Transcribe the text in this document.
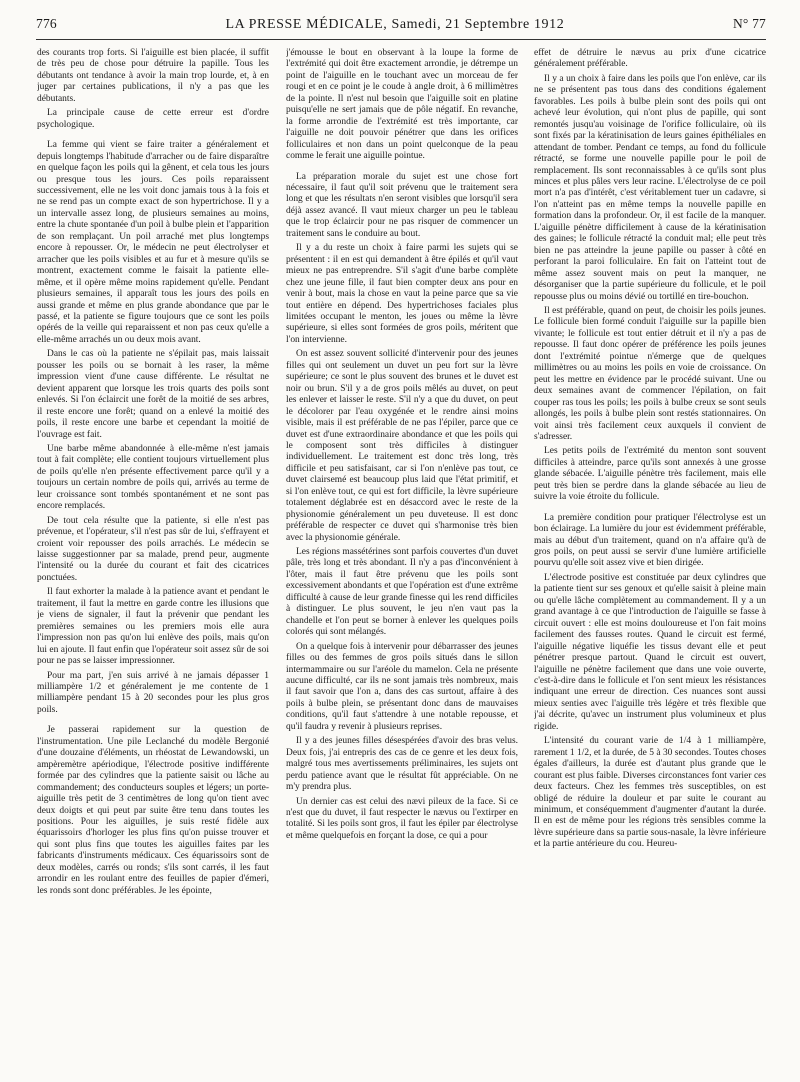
776	LA PRESSE MÉDICALE, Samedi, 21 Septembre 1912	N° 77

des courants trop forts. Si l'aiguille est bien placée, il suffit de très peu de chose pour détruire la papille. Tous les débutants ont tendance à avoir la main trop lourde, et, à en juger par certaines publications, il n'y a pas que les débutants.

La principale cause de cette erreur est d'ordre psychologique.

La femme qui vient se faire traiter a généralement et depuis longtemps l'habitude d'arracher ou de faire disparaître en quelque façon les poils qui la gênent, et cela tous les jours ou presque tous les jours. Ces poils reparaissent successivement, elle ne les voit donc jamais tous à la fois et ne se rend pas un compte exact de son hypertrichose. Il y a un intervalle assez long, de plusieurs semaines au moins, entre la chute spontanée d'un poil à bulbe plein et l'apparition de son remplaçant. Un poil arraché met plus longtemps encore à repousser. Or, le médecin ne peut électrolyser et arracher que les poils visibles et au fur et à mesure qu'ils se montrent, exactement comme le faisait la patiente elle-même, et il opère même moins rapidement qu'elle. Pendant plusieurs semaines, il apparaît tous les jours des poils en aussi grande et même en plus grande abondance que par le passé, et la patiente se figure toujours que ce sont les poils opérés de la veille qui reparaissent et non pas ceux qu'elle a elle-même arrachés un ou deux mois avant.

Dans le cas où la patiente ne s'épilait pas, mais laissait pousser les poils ou se bornait à les raser, la même impression vient d'une cause différente. Le résultat ne devient apparent que lorsque les trois quarts des poils sont enlevés. Si l'on éclaircit une forêt de la moitié de ses arbres, il reste encore une forêt; quand on a enlevé la moitié des poils, il reste encore une barbe et cependant la moitié de l'ouvrage est fait.

Une barbe même abandonnée à elle-même n'est jamais tout à fait complète; elle contient toujours virtuellement plus de poils qu'elle n'en présente effectivement parce qu'il y a toujours un certain nombre de poils qui, arrivés au terme de leur croissance sont tombés spontanément et ne sont pas encore remplacés.

De tout cela résulte que la patiente, si elle n'est pas prévenue, et l'opérateur, s'il n'est pas sûr de lui, s'effrayent et croient voir repousser des poils arrachés. Le médecin se laisse suggestionner par sa malade, prend peur, augmente l'intensité ou la durée du courant et fait des cicatrices ponctuées.

Il faut exhorter la malade à la patience avant et pendant le traitement, il faut la mettre en garde contre les illusions que je viens de signaler, il faut la prévenir que pendant les premières semaines ou les premiers mois elle aura l'impression non pas qu'on lui enlève des poils, mais qu'on lui en ajoute. Il faut enfin que l'opérateur soit assez sûr de soi pour ne pas se laisser impressionner.

Pour ma part, j'en suis arrivé à ne jamais dépasser 1 milliampère 1/2 et généralement je me contente de 1 milliampère pendant 15 à 20 secondes pour les plus gros poils.

Je passerai rapidement sur la question de l'instrumentation. Une pile Leclanché du modèle Bergonié d'une douzaine d'éléments, un rhéostat de Lewandowski, un ampèremètre apériodique, l'électrode positive indifférente formée par des cylindres que la patiente saisit ou lâche au commandement; des conducteurs souples et légers; un porte-aiguille très petit de 3 centimètres de long qu'on tient avec deux doigts et qui peut par suite être tenu dans toutes les positions. Pour les aiguilles, je suis resté fidèle aux équarissoirs d'horloger les plus fins qu'on puisse trouver et qui sont plus fins que toutes les aiguilles faites par les fabricants d'instruments médicaux. Ces équarissoirs sont de deux modèles, carrés ou ronds; s'ils sont carrés, il les faut arrondir en les roulant entre des feuilles de papier d'émeri, les ronds sont donc préférables. Je les épointe,

j'émousse le bout en observant à la loupe la forme de l'extrémité qui doit être exactement arrondie, je détrempe un point de l'aiguille en le touchant avec un morceau de fer rougi et en ce point je le coude à angle droit, à 6 millimètres de la pointe. Il n'est nul besoin que l'aiguille soit en platine puisqu'elle ne sert jamais que de pôle négatif. En revanche, la forme arrondie de l'extrémité est très importante, car l'aiguille ne doit pouvoir pénétrer que dans les orifices folliculaires et non dans un point quelconque de la peau comme le ferait une aiguille pointue.

La préparation morale du sujet est une chose fort nécessaire, il faut qu'il soit prévenu que le traitement sera long et que les résultats n'en seront visibles que lorsqu'il sera déjà assez avancé. Il vaut mieux charger un peu le tableau que le trop éclaircir pour ne pas risquer de commencer un traitement sans le conduire au bout.

Il y a du reste un choix à faire parmi les sujets qui se présentent : il en est qui demandent à être épilés et qu'il vaut mieux ne pas entreprendre. S'il s'agit d'une barbe complète chez une jeune fille, il faut bien compter deux ans pour en venir à bout, mais la chose en vaut la peine parce que sa vie tout entière en dépend. Des hypertrichoses faciales plus limitées occupant le menton, les joues ou même la lèvre supérieure, si elles sont formées de gros poils, méritent que l'on intervienne.

On est assez souvent sollicité d'intervenir pour des jeunes filles qui ont seulement un duvet un peu fort sur la lèvre supérieure; ce sont le plus souvent des brunes et le duvet est noir ou brun. S'il y a de gros poils mêlés au duvet, on peut les enlever et laisser le reste. S'il n'y a que du duvet, on peut le décolorer par l'eau oxygénée et le rendre ainsi moins visible, mais il est préférable de ne pas l'épiler, parce que ce duvet est d'une extraordinaire abondance et que les poils qui le composent sont très difficiles à distinguer individuellement. Le traitement est donc très long, très difficile et peu satisfaisant, car si l'on n'enlève pas tout, ce duvet clairsemé est beaucoup plus laid que l'état primitif, et si l'on enlève tout, ce qui est fort difficile, la lèvre supérieure totalement déglabrée est en désaccord avec le reste de la physionomie généralement un peu duveteuse. Il est donc préférable de respecter ce duvet qui s'harmonise très bien avec la physionomie générale.

Les régions massétérines sont parfois couvertes d'un duvet pâle, très long et très abondant. Il n'y a pas d'inconvénient à l'ôter, mais il faut être prévenu que les poils sont excessivement abondants et que l'opération est d'une extrême difficulté à cause de leur grande finesse qui les rend difficiles à distinguer. Le plus souvent, le jeu n'en vaut pas la chandelle et l'on peut se borner à enlever les quelques poils colorés qui sont mélangés.

On a quelque fois à intervenir pour débarrasser des jeunes filles ou des femmes de gros poils situés dans le sillon intermammaire ou sur l'aréole du mamelon. Cela ne présente aucune difficulté, car ils ne sont jamais très nombreux, mais il faut savoir que l'on a, dans des cas surtout, affaire à des poils à bulbe plein, se présentant donc dans de mauvaises conditions, qu'il faut s'attendre à une notable repousse, et qu'il faudra y revenir à plusieurs reprises.

Il y a des jeunes filles désespérées d'avoir des bras velus. Deux fois, j'ai entrepris des cas de ce genre et les deux fois, malgré tous mes avertissements préliminaires, les sujets ont perdu patience avant que le résultat fût appréciable. On ne m'y prendra plus.

Un dernier cas est celui des nævi pileux de la face. Si ce n'est que du duvet, il faut respecter le nævus ou l'extirper en totalité. Si les poils sont gros, il faut les épiler par électrolyse et même quelquefois en forçant la dose, ce qui a pour

effet de détruire le nævus au prix d'une cicatrice généralement préférable.

Il y a un choix à faire dans les poils que l'on enlève, car ils ne se présentent pas tous dans des conditions également favorables. Les poils à bulbe plein sont des poils qui ont achevé leur évolution, qui n'ont plus de papille, qui sont remontés jusqu'au voisinage de l'orifice folliculaire, où ils sont fixés par la kératinisation de leurs gaines épithéliales en attendant de tomber. Pendant ce temps, au fond du follicule rétracté, se forme une nouvelle papille pour le poil de remplacement. Ils sont reconnaissables à ce qu'ils sont plus minces et plus pâles vers leur racine. L'électrolyse de ce poil mort n'a pas d'intérêt, c'est véritablement tuer un cadavre, si l'on n'atteint pas en même temps la nouvelle papille en formation dans la profondeur. Or, il est facile de la manquer. L'aiguille pénètre difficilement à cause de la kératinisation des gaines; le follicule rétracté la conduit mal; elle peut très bien ne pas atteindre la jeune papille ou passer à côté en perforant la paroi folliculaire. En fait on l'atteint tout de même assez souvent mais on peut la manquer, ne désorganiser que la partie supérieure du follicule, et le poil repousse plus ou moins dévié ou tortillé en tire-bouchon.

Il est préférable, quand on peut, de choisir les poils jeunes. Le follicule bien formé conduit l'aiguille sur la papille bien vivante; le follicule est tout entier détruit et il n'y a pas de repousse. Il faut donc opérer de préférence les poils jeunes dont l'extrémité pointue n'émerge que de quelques millimètres ou au moins les poils en voie de croissance. On peut les mettre en évidence par le procédé suivant. Une ou deux semaines avant de commencer l'épilation, on fait couper ras tous les poils; les poils à bulbe creux se sont seuls allongés, les poils à bulbe plein sont restés stationnaires. On voit ainsi très facilement ceux auxquels il convient de s'adresser.

Les petits poils de l'extrémité du menton sont souvent difficiles à atteindre, parce qu'ils sont annexés à une grosse glande sébacée. L'aiguille pénètre très facilement, mais elle peut très bien se perdre dans la glande sébacée au lieu de suivre la voie étroite du follicule.

La première condition pour pratiquer l'électrolyse est un bon éclairage. La lumière du jour est évidemment préférable, mais au début d'un traitement, quand on n'a affaire qu'à de gros poils, on peut aussi se servir d'une lumière artificielle pourvu qu'elle soit assez vive et bien dirigée.

L'électrode positive est constituée par deux cylindres que la patiente tient sur ses genoux et qu'elle saisit à pleine main ou qu'elle lâche complètement au commandement. Il y a un grand avantage à ce que l'introduction de l'aiguille se fasse à circuit ouvert : elle est moins douloureuse et l'on fait moins facilement des fausses routes. Quand le circuit est fermé, l'aiguille négative liquéfie les tissus devant elle et peut pénétrer presque partout. Quand le circuit est ouvert, l'aiguille ne pénètre facilement que dans une voie ouverte, c'est-à-dire dans le follicule et l'on sent mieux les résistances indiquant une erreur de direction. Ces nuances sont aussi mieux senties avec l'aiguille très légère et très flexible que j'ai décrite, qu'avec un instrument plus volumineux et plus rigide.

L'intensité du courant varie de 1/4 à 1 milliampère, rarement 1 1/2, et la durée, de 5 à 30 secondes. Toutes choses égales d'ailleurs, la durée est d'autant plus grande que le courant est plus faible. Diverses circonstances font varier ces deux facteurs. Chez les femmes très susceptibles, on est obligé de réduire la douleur et par suite le courant au minimum, et conséquemment d'augmenter d'autant la durée. Il en est de même pour les régions très sensibles comme la lèvre supérieure dans sa partie sous-nasale, la lèvre inférieure et la partie antérieure du cou. Heureu-
